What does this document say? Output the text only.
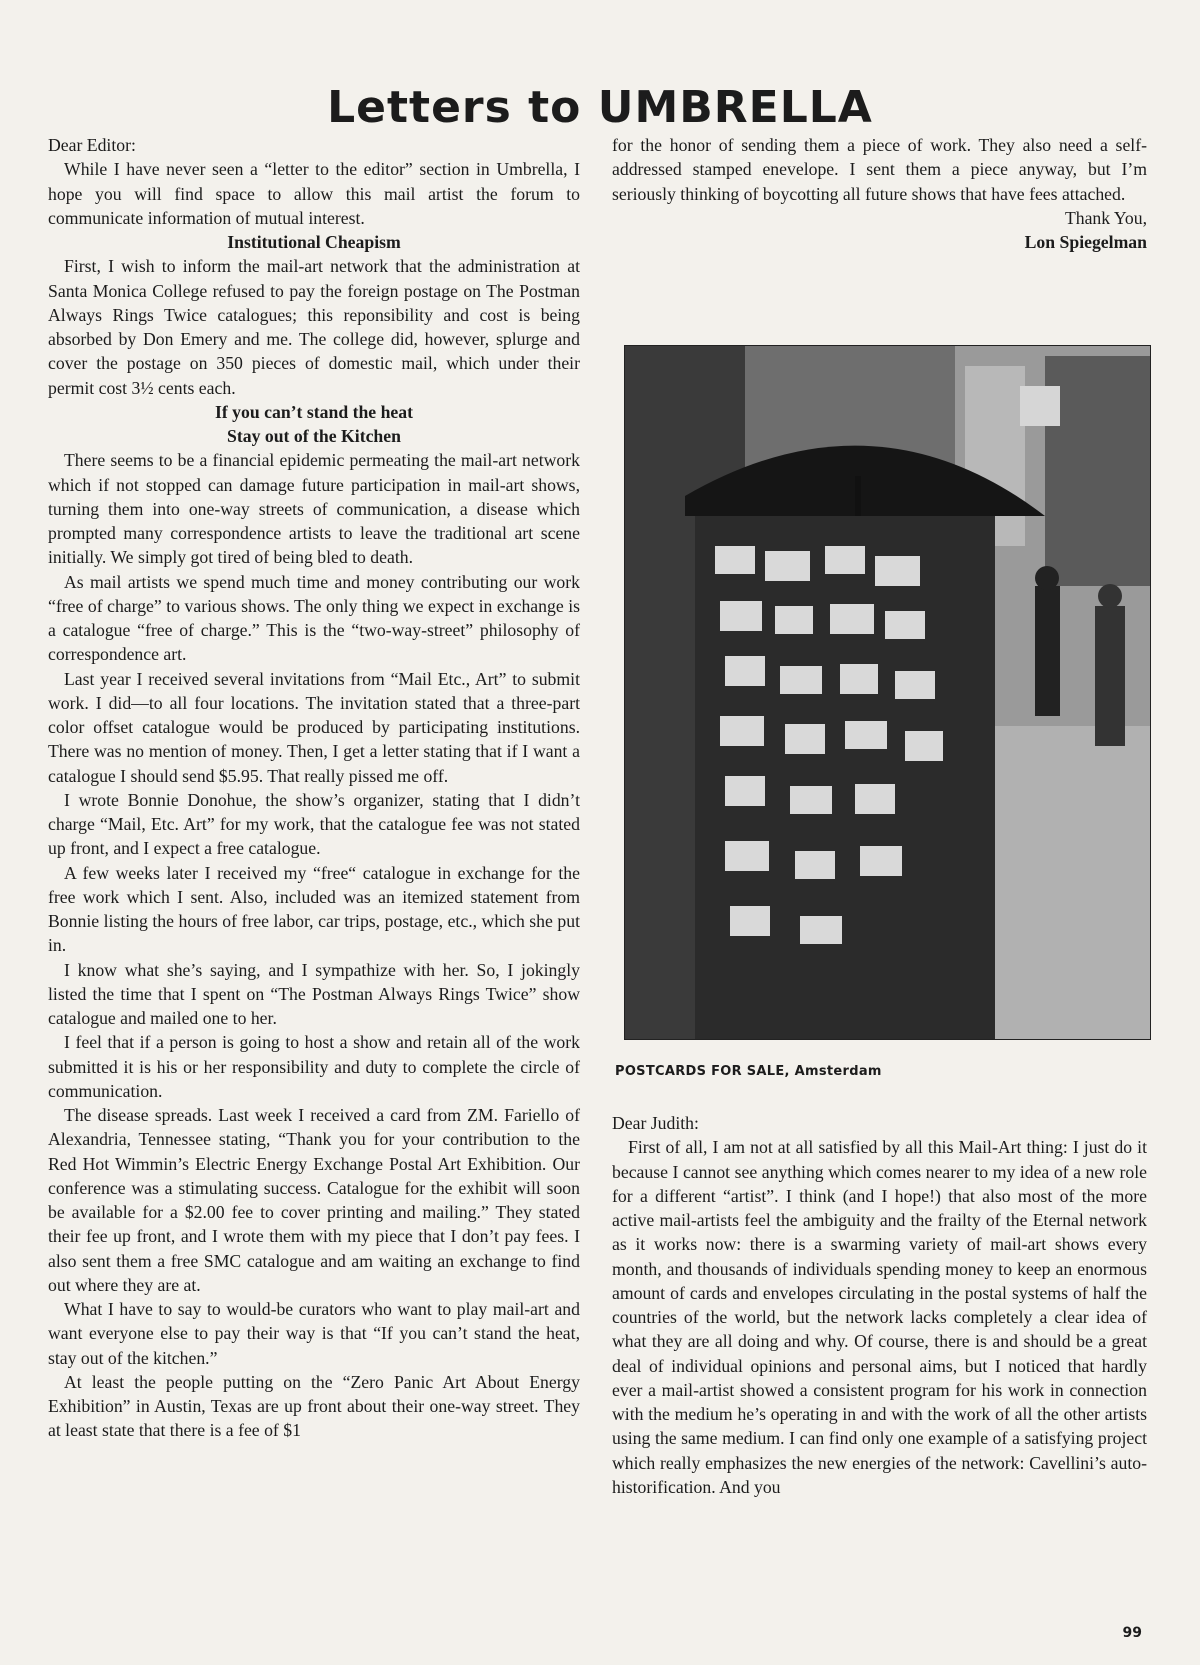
Letters to UMBRELLA

Dear Editor:

While I have never seen a “letter to the editor” section in Umbrella, I hope you will find space to allow this mail artist the forum to communicate information of mutual interest.

Institutional Cheapism

First, I wish to inform the mail-art network that the administration at Santa Monica College refused to pay the foreign postage on The Postman Always Rings Twice catalogues; this reponsibility and cost is being absorbed by Don Emery and me. The college did, however, splurge and cover the postage on 350 pieces of domestic mail, which under their permit cost 3½ cents each.

If you can’t stand the heat
Stay out of the Kitchen

There seems to be a financial epidemic permeating the mail-art network which if not stopped can damage future participation in mail-art shows, turning them into one-way streets of communication, a disease which prompted many correspondence artists to leave the traditional art scene initially. We simply got tired of being bled to death.

As mail artists we spend much time and money contributing our work “free of charge” to various shows. The only thing we expect in exchange is a catalogue “free of charge.” This is the “two-way-street” philosophy of correspondence art.

Last year I received several invitations from “Mail Etc., Art” to submit work. I did—to all four locations. The invitation stated that a three-part color offset catalogue would be produced by participating institutions. There was no mention of money. Then, I get a letter stating that if I want a catalogue I should send $5.95. That really pissed me off.

I wrote Bonnie Donohue, the show’s organizer, stating that I didn’t charge “Mail, Etc. Art” for my work, that the catalogue fee was not stated up front, and I expect a free catalogue.

A few weeks later I received my “free“ catalogue in exchange for the free work which I sent. Also, included was an itemized statement from Bonnie listing the hours of free labor, car trips, postage, etc., which she put in.

I know what she’s saying, and I sympathize with her. So, I jokingly listed the time that I spent on “The Postman Always Rings Twice” show catalogue and mailed one to her.

I feel that if a person is going to host a show and retain all of the work submitted it is his or her responsibility and duty to complete the circle of communication.

The disease spreads. Last week I received a card from ZM. Fariello of Alexandria, Tennessee stating, “Thank you for your contribution to the Red Hot Wimmin’s Electric Energy Exchange Postal Art Exhibition. Our conference was a stimulating success. Catalogue for the exhibit will soon be available for a $2.00 fee to cover printing and mailing.” They stated their fee up front, and I wrote them with my piece that I don’t pay fees. I also sent them a free SMC catalogue and am waiting an exchange to find out where they are at.

What I have to say to would-be curators who want to play mail-art and want everyone else to pay their way is that “If you can’t stand the heat, stay out of the kitchen.”

At least the people putting on the “Zero Panic Art About Energy Exhibition” in Austin, Texas are up front about their one-way street. They at least state that there is a fee of $1

for the honor of sending them a piece of work. They also need a self-addressed stamped enevelope. I sent them a piece anyway, but I’m seriously thinking of boycotting all future shows that have fees attached.

Thank You,
Lon Spiegelman
POSTCARDS FOR SALE, Amsterdam

Dear Judith:

First of all, I am not at all satisfied by all this Mail-Art thing: I just do it because I cannot see anything which comes nearer to my idea of a new role for a different “artist”. I think (and I hope!) that also most of the more active mail-artists feel the ambiguity and the frailty of the Eternal network as it works now: there is a swarming variety of mail-art shows every month, and thousands of individuals spending money to keep an enormous amount of cards and envelopes circulating in the postal systems of half the countries of the world, but the network lacks completely a clear idea of what they are all doing and why. Of course, there is and should be a great deal of individual opinions and personal aims, but I noticed that hardly ever a mail-artist showed a consistent program for his work in connection with the medium he’s operating in and with the work of all the other artists using the same medium. I can find only one example of a satisfying project which really emphasizes the new energies of the network: Cavellini’s auto-historification. And you

99
